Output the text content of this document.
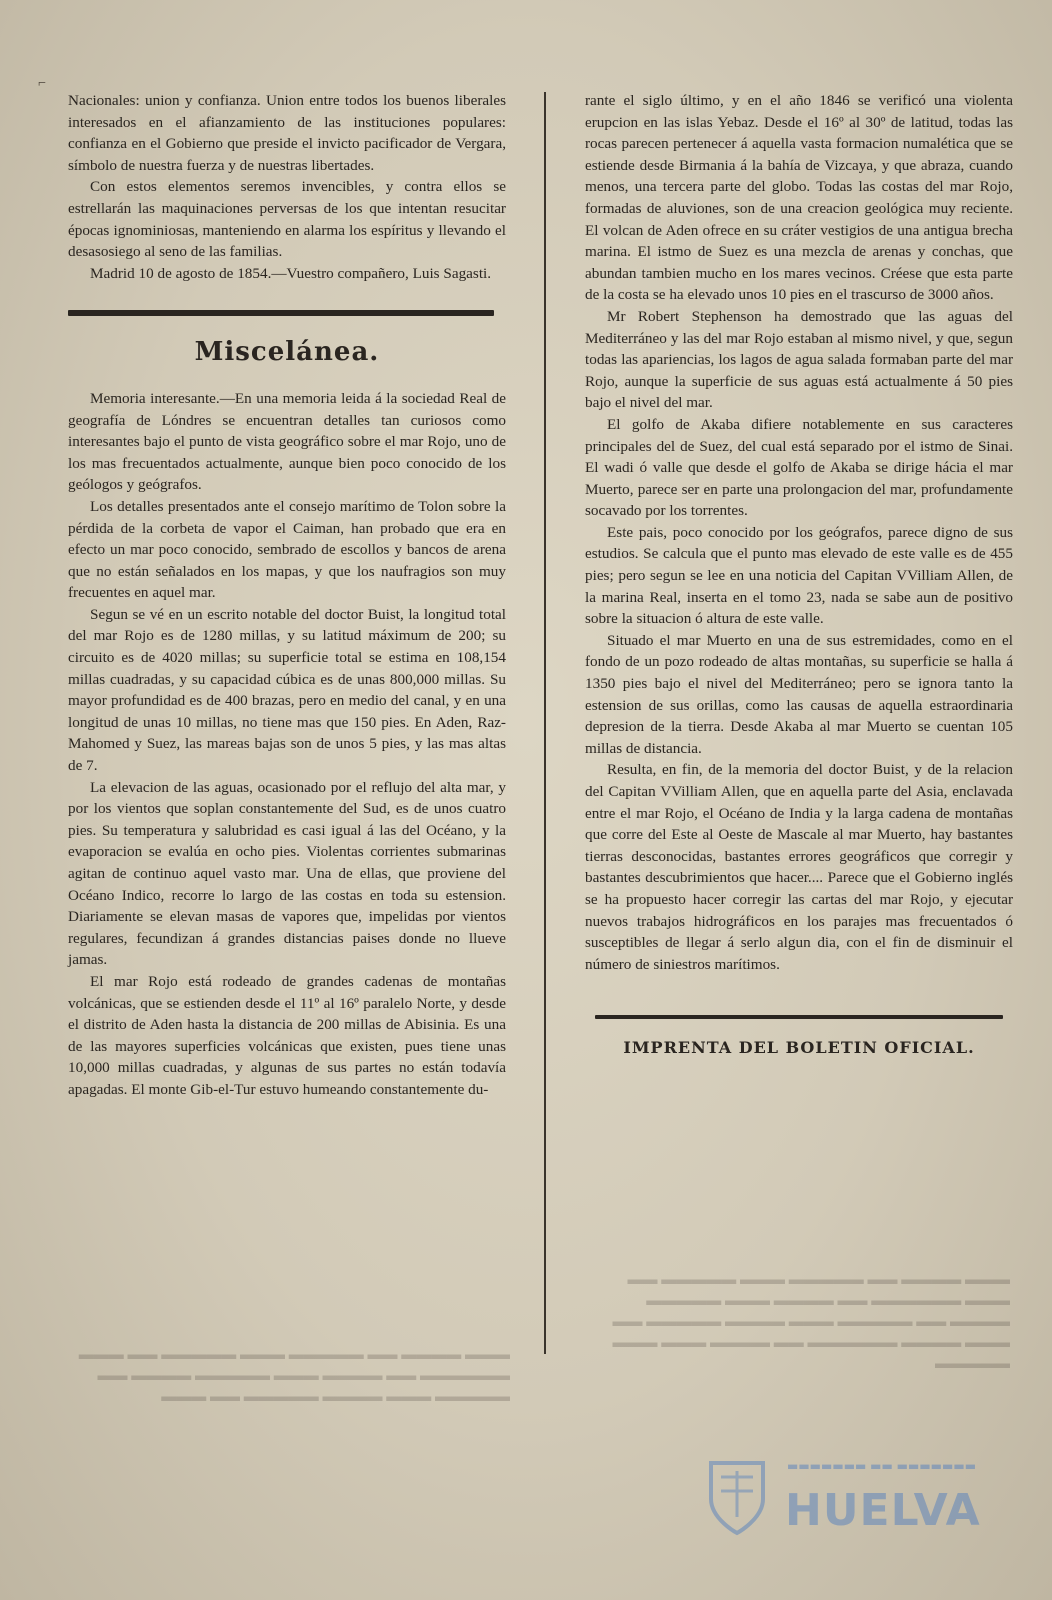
⌐
▬▬▬ ▬▬▬▬ ▬▬ ▬▬▬▬▬ ▬▬▬ ▬▬▬▬▬ ▬▬ ▬▬▬ ▬▬▬▬▬▬ ▬▬ ▬▬▬▬ ▬▬▬ ▬▬▬▬▬ ▬▬▬▬ ▬▬ ▬▬▬▬▬ ▬▬▬ ▬▬▬▬ ▬▬▬▬▬ ▬▬ ▬▬▬ ▬▬▬▬ ▬▬▬▬▬▬ ▬▬ ▬▬▬▬ ▬▬▬ ▬▬▬ ▬▬▬▬▬
▬▬▬ ▬▬▬▬ ▬▬ ▬▬▬▬▬ ▬▬▬ ▬▬▬▬▬ ▬▬ ▬▬▬ ▬▬▬▬▬▬ ▬▬ ▬▬▬▬ ▬▬▬ ▬▬▬▬▬ ▬▬▬▬ ▬▬ ▬▬▬▬▬ ▬▬▬ ▬▬▬▬ ▬▬▬▬▬ ▬▬ ▬▬▬

Nacionales: union y confianza. Union entre todos los buenos liberales interesados en el afianzamiento de las instituciones populares: confianza en el Gobierno que preside el invicto pacificador de Vergara, símbolo de nuestra fuerza y de nuestras libertades.

Con estos elementos seremos invencibles, y contra ellos se estrellarán las maquinaciones perversas de los que intentan resucitar épocas ignominiosas, manteniendo en alarma los espíritus y llevando el desasosiego al seno de las familias.

Madrid 10 de agosto de 1854.—Vuestro compañero, Luis Sagasti.

Miscelánea.

Memoria interesante.—En una memoria leida á la sociedad Real de geografía de Lóndres se encuentran detalles tan curiosos como interesantes bajo el punto de vista geográfico sobre el mar Rojo, uno de los mas frecuentados actualmente, aunque bien poco conocido de los geólogos y geógrafos.

Los detalles presentados ante el consejo marítimo de Tolon sobre la pérdida de la corbeta de vapor el Caiman, han probado que era en efecto un mar poco conocido, sembrado de escollos y bancos de arena que no están señalados en los mapas, y que los naufragios son muy frecuentes en aquel mar.

Segun se vé en un escrito notable del doctor Buist, la longitud total del mar Rojo es de 1280 millas, y su latitud máximum de 200; su circuito es de 4020 millas; su superficie total se estima en 108,154 millas cuadradas, y su capacidad cúbica es de unas 800,000 millas. Su mayor profundidad es de 400 brazas, pero en medio del canal, y en una longitud de unas 10 millas, no tiene mas que 150 pies. En Aden, Raz-Mahomed y Suez, las mareas bajas son de unos 5 pies, y las mas altas de 7.

La elevacion de las aguas, ocasionado por el reflujo del alta mar, y por los vientos que soplan constantemente del Sud, es de unos cuatro pies. Su temperatura y salubridad es casi igual á las del Océano, y la evaporacion se evalúa en ocho pies. Violentas corrientes submarinas agitan de continuo aquel vasto mar. Una de ellas, que proviene del Océano Indico, recorre lo largo de las costas en toda su estension. Diariamente se elevan masas de vapores que, impelidas por vientos regulares, fecundizan á grandes distancias paises donde no llueve jamas.

El mar Rojo está rodeado de grandes cadenas de montañas volcánicas, que se estienden desde el 11º al 16º paralelo Norte, y desde el distrito de Aden hasta la distancia de 200 millas de Abisinia. Es una de las mayores superficies volcánicas que existen, pues tiene unas 10,000 millas cuadradas, y algunas de sus partes no están todavía apagadas. El monte Gib-el-Tur estuvo humeando constantemente du-

rante el siglo último, y en el año 1846 se verificó una violenta erupcion en las islas Yebaz. Desde el 16º al 30º de latitud, todas las rocas parecen pertenecer á aquella vasta formacion numalética que se estiende desde Birmania á la bahía de Vizcaya, y que abraza, cuando menos, una tercera parte del globo. Todas las costas del mar Rojo, formadas de aluviones, son de una creacion geológica muy reciente. El volcan de Aden ofrece en su cráter vestigios de una antigua brecha marina. El istmo de Suez es una mezcla de arenas y conchas, que abundan tambien mucho en los mares vecinos. Créese que esta parte de la costa se ha elevado unos 10 pies en el trascurso de 3000 años.

Mr Robert Stephenson ha demostrado que las aguas del Mediterráneo y las del mar Rojo estaban al mismo nivel, y que, segun todas las apariencias, los lagos de agua salada formaban parte del mar Rojo, aunque la superficie de sus aguas está actualmente á 50 pies bajo el nivel del mar.

El golfo de Akaba difiere notablemente en sus caracteres principales del de Suez, del cual está separado por el istmo de Sinai. El wadi ó valle que desde el golfo de Akaba se dirige hácia el mar Muerto, parece ser en parte una prolongacion del mar, profundamente socavado por los torrentes.

Este pais, poco conocido por los geógrafos, parece digno de sus estudios. Se calcula que el punto mas elevado de este valle es de 455 pies; pero segun se lee en una noticia del Capitan VVilliam Allen, de la marina Real, inserta en el tomo 23, nada se sabe aun de positivo sobre la situacion ó altura de este valle.

Situado el mar Muerto en una de sus estremidades, como en el fondo de un pozo rodeado de altas montañas, su superficie se halla á 1350 pies bajo el nivel del Mediterráneo; pero se ignora tanto la estension de sus orillas, como las causas de aquella estraordinaria depresion de la tierra. Desde Akaba al mar Muerto se cuentan 105 millas de distancia.

Resulta, en fin, de la memoria del doctor Buist, y de la relacion del Capitan VVilliam Allen, que en aquella parte del Asia, enclavada entre el mar Rojo, el Océano de India y la larga cadena de montañas que corre del Este al Oeste de Mascale al mar Muerto, hay bastantes tierras desconocidas, bastantes errores geográficos que corregir y bastantes descubrimientos que hacer.... Parece que el Gobierno inglés se ha propuesto hacer corregir las cartas del mar Rojo, y ejecutar nuevos trabajos hidrográficos en los parajes mas frecuentados ó susceptibles de llegar á serlo algun dia, con el fin de disminuir el número de siniestros marítimos.

IMPRENTA DEL BOLETIN OFICIAL.
▬▬▬▬▬▬▬ ▬▬ ▬▬▬▬▬▬▬
HUELVA
